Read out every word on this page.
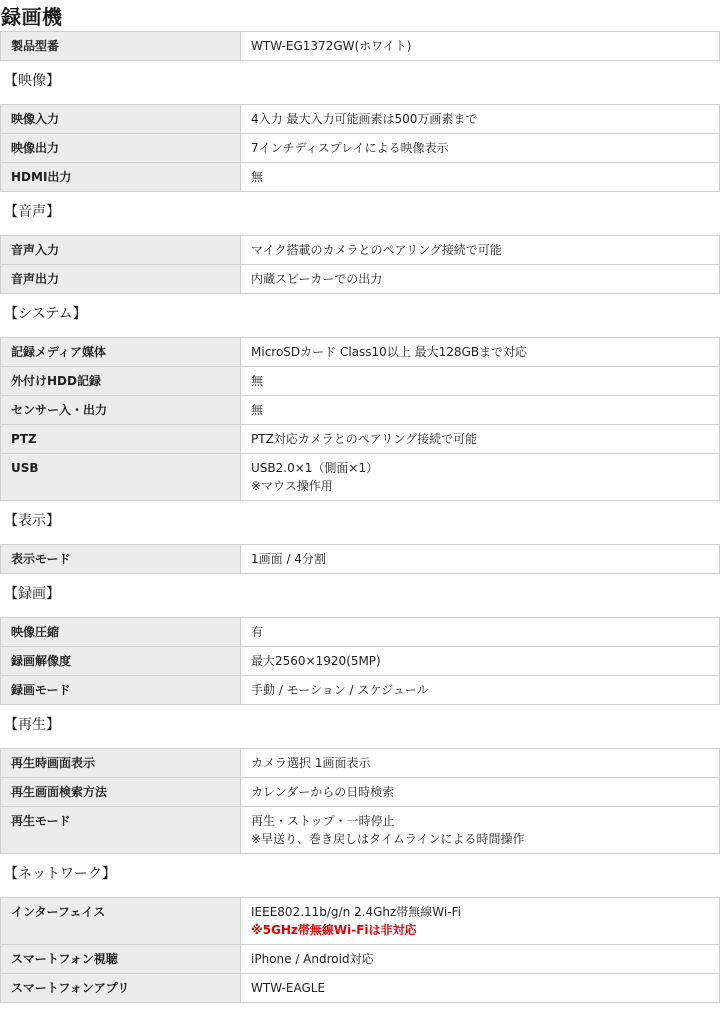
録画機
製品型番	WTW-EG1372GW(ホワイト)
【映像】
映像入力	4入力 最大入力可能画素は500万画素まで

映像出力	7インチディスプレイによる映像表示

HDMI出力	無
【音声】
音声入力	マイク搭載のカメラとのペアリング接続で可能

音声出力	内蔵スピーカーでの出力
【システム】
記録メディア媒体	MicroSDカード Class10以上 最大128GBまで対応

外付けHDD記録	無

センサー入・出力	無

PTZ	PTZ対応カメラとのペアリング接続で可能

USB	USB2.0×1（側面×1）
※マウス操作用
【表示】
表示モード	1画面 / 4分割
【録画】
映像圧縮	有

録画解像度	最大2560×1920(5MP)

録画モード	手動 / モーション / スケジュール
【再生】
再生時画面表示	カメラ選択 1画面表示

再生画面検索方法	カレンダーからの日時検索

再生モード	再生・ストップ・一時停止
※早送り、巻き戻しはタイムラインによる時間操作
【ネットワーク】
インターフェイス	IEEE802.11b/g/n 2.4Ghz帯無線Wi-Fi
※5GHz帯無線Wi-Fiは非対応

スマートフォン視聴	iPhone / Android対応

スマートフォンアプリ	WTW-EAGLE
